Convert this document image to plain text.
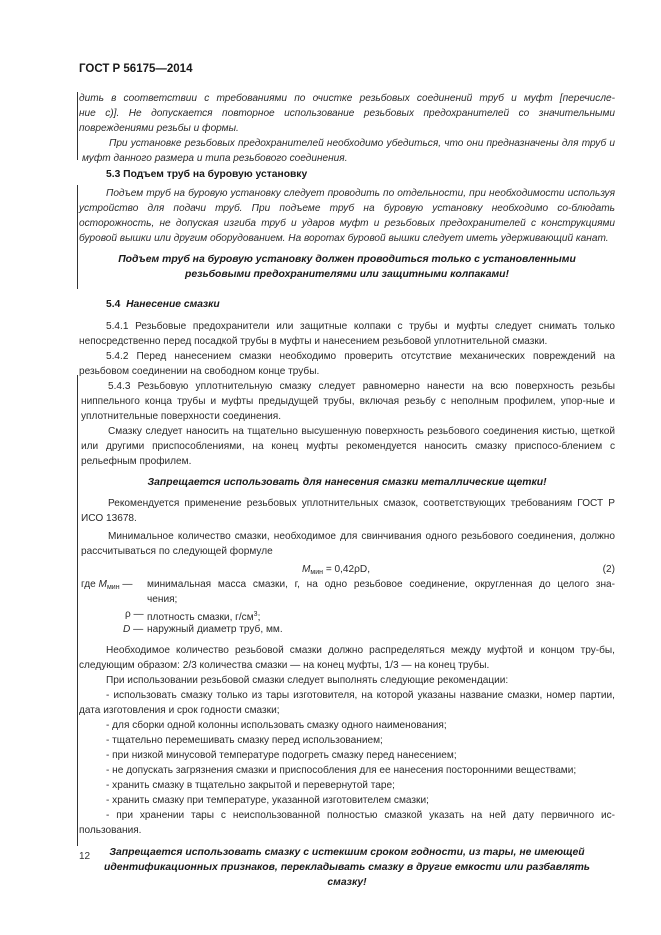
ГОСТ Р 56175—2014

дить в соответствии с требованиями по очистке резьбовых соединений труб и муфт [перечисле-

ние с)]. Не допускается повторное использование резьбовых предохранителей со значительными

повреждениями резьбы и формы.

При установке резьбовых предохранителей необходимо убедиться, что они предназначены для труб и муфт данного размера и типа резьбового соединения.

5.3 Подъем труб на буровую установку

Подъем труб на буровую установку следует проводить по отдельности, при необходимости используя устройство для подачи труб. При подъеме труб на буровую установку необходимо со-блюдать осторожность, не допуская изгиба труб и ударов муфт и резьбовых предохранителей с конструкциями буровой вышки или другим оборудованием. На воротах буровой вышки следует иметь удерживающий канат.

Подъем труб на буровую установку должен проводиться только с установленными

резьбовыми предохранителями или защитными колпаками!

5.4 Нанесение смазки

5.4.1 Резьбовые предохранители или защитные колпаки с трубы и муфты следует снимать только непосредственно перед посадкой трубы в муфты и нанесением резьбовой уплотнительной смазки.

5.4.2 Перед нанесением смазки необходимо проверить отсутствие механических повреждений на резьбовом соединении на свободном конце трубы.

5.4.3 Резьбовую уплотнительную смазку следует равномерно нанести на всю поверхность резьбы ниппельного конца трубы и муфты предыдущей трубы, включая резьбу с неполным профилем, упор-ные и уплотнительные поверхности соединения.

Смазку следует наносить на тщательно высушенную поверхность резьбового соединения кистью, щеткой или другими приспособлениями, на конец муфты рекомендуется наносить смазку приспосо-блением с рельефным профилем.

Запрещается использовать для нанесения смазки металлические щетки!

Рекомендуется применение резьбовых уплотнительных смазок, соответствующих требованиям ГОСТ Р ИСО 13678.

Минимальное количество смазки, необходимое для свинчивания одного резьбового соединения, должно рассчитываться по следующей формуле

$M_{мин} = 0,42\rho D$,	(2)
где $M_{мин}$ — минимальная масса смазки, г, на одно резьбовое соединение, округленная до целого зна-
чения;
ρ — плотность смазки, $г/см^3$;
D — наружный диаметр труб, мм.

Необходимое количество резьбовой смазки должно распределяться между муфтой и концом тру-бы, следующим образом: 2/3 количества смазки — на конец муфты, 1/3 — на конец трубы.

При использовании резьбовой смазки следует выполнять следующие рекомендации:

- использовать смазку только из тары изготовителя, на которой указаны название смазки, номер партии, дата изготовления и срок годности смазки;

- для сборки одной колонны использовать смазку одного наименования;

- тщательно перемешивать смазку перед использованием;

- при низкой минусовой температуре подогреть смазку перед нанесением;

- не допускать загрязнения смазки и приспособления для ее нанесения посторонними веществами;

- хранить смазку в тщательно закрытой и перевернутой таре;

- хранить смазку при температуре, указанной изготовителем смазки;

- при хранении тары с неиспользованной полностью смазкой указать на ней дату первичного ис-пользования.

Запрещается использовать смазку с истекшим сроком годности, из тары, не имеющей

идентификационных признаков, перекладывать смазку в другие емкости или разбавлять

смазку!

12
